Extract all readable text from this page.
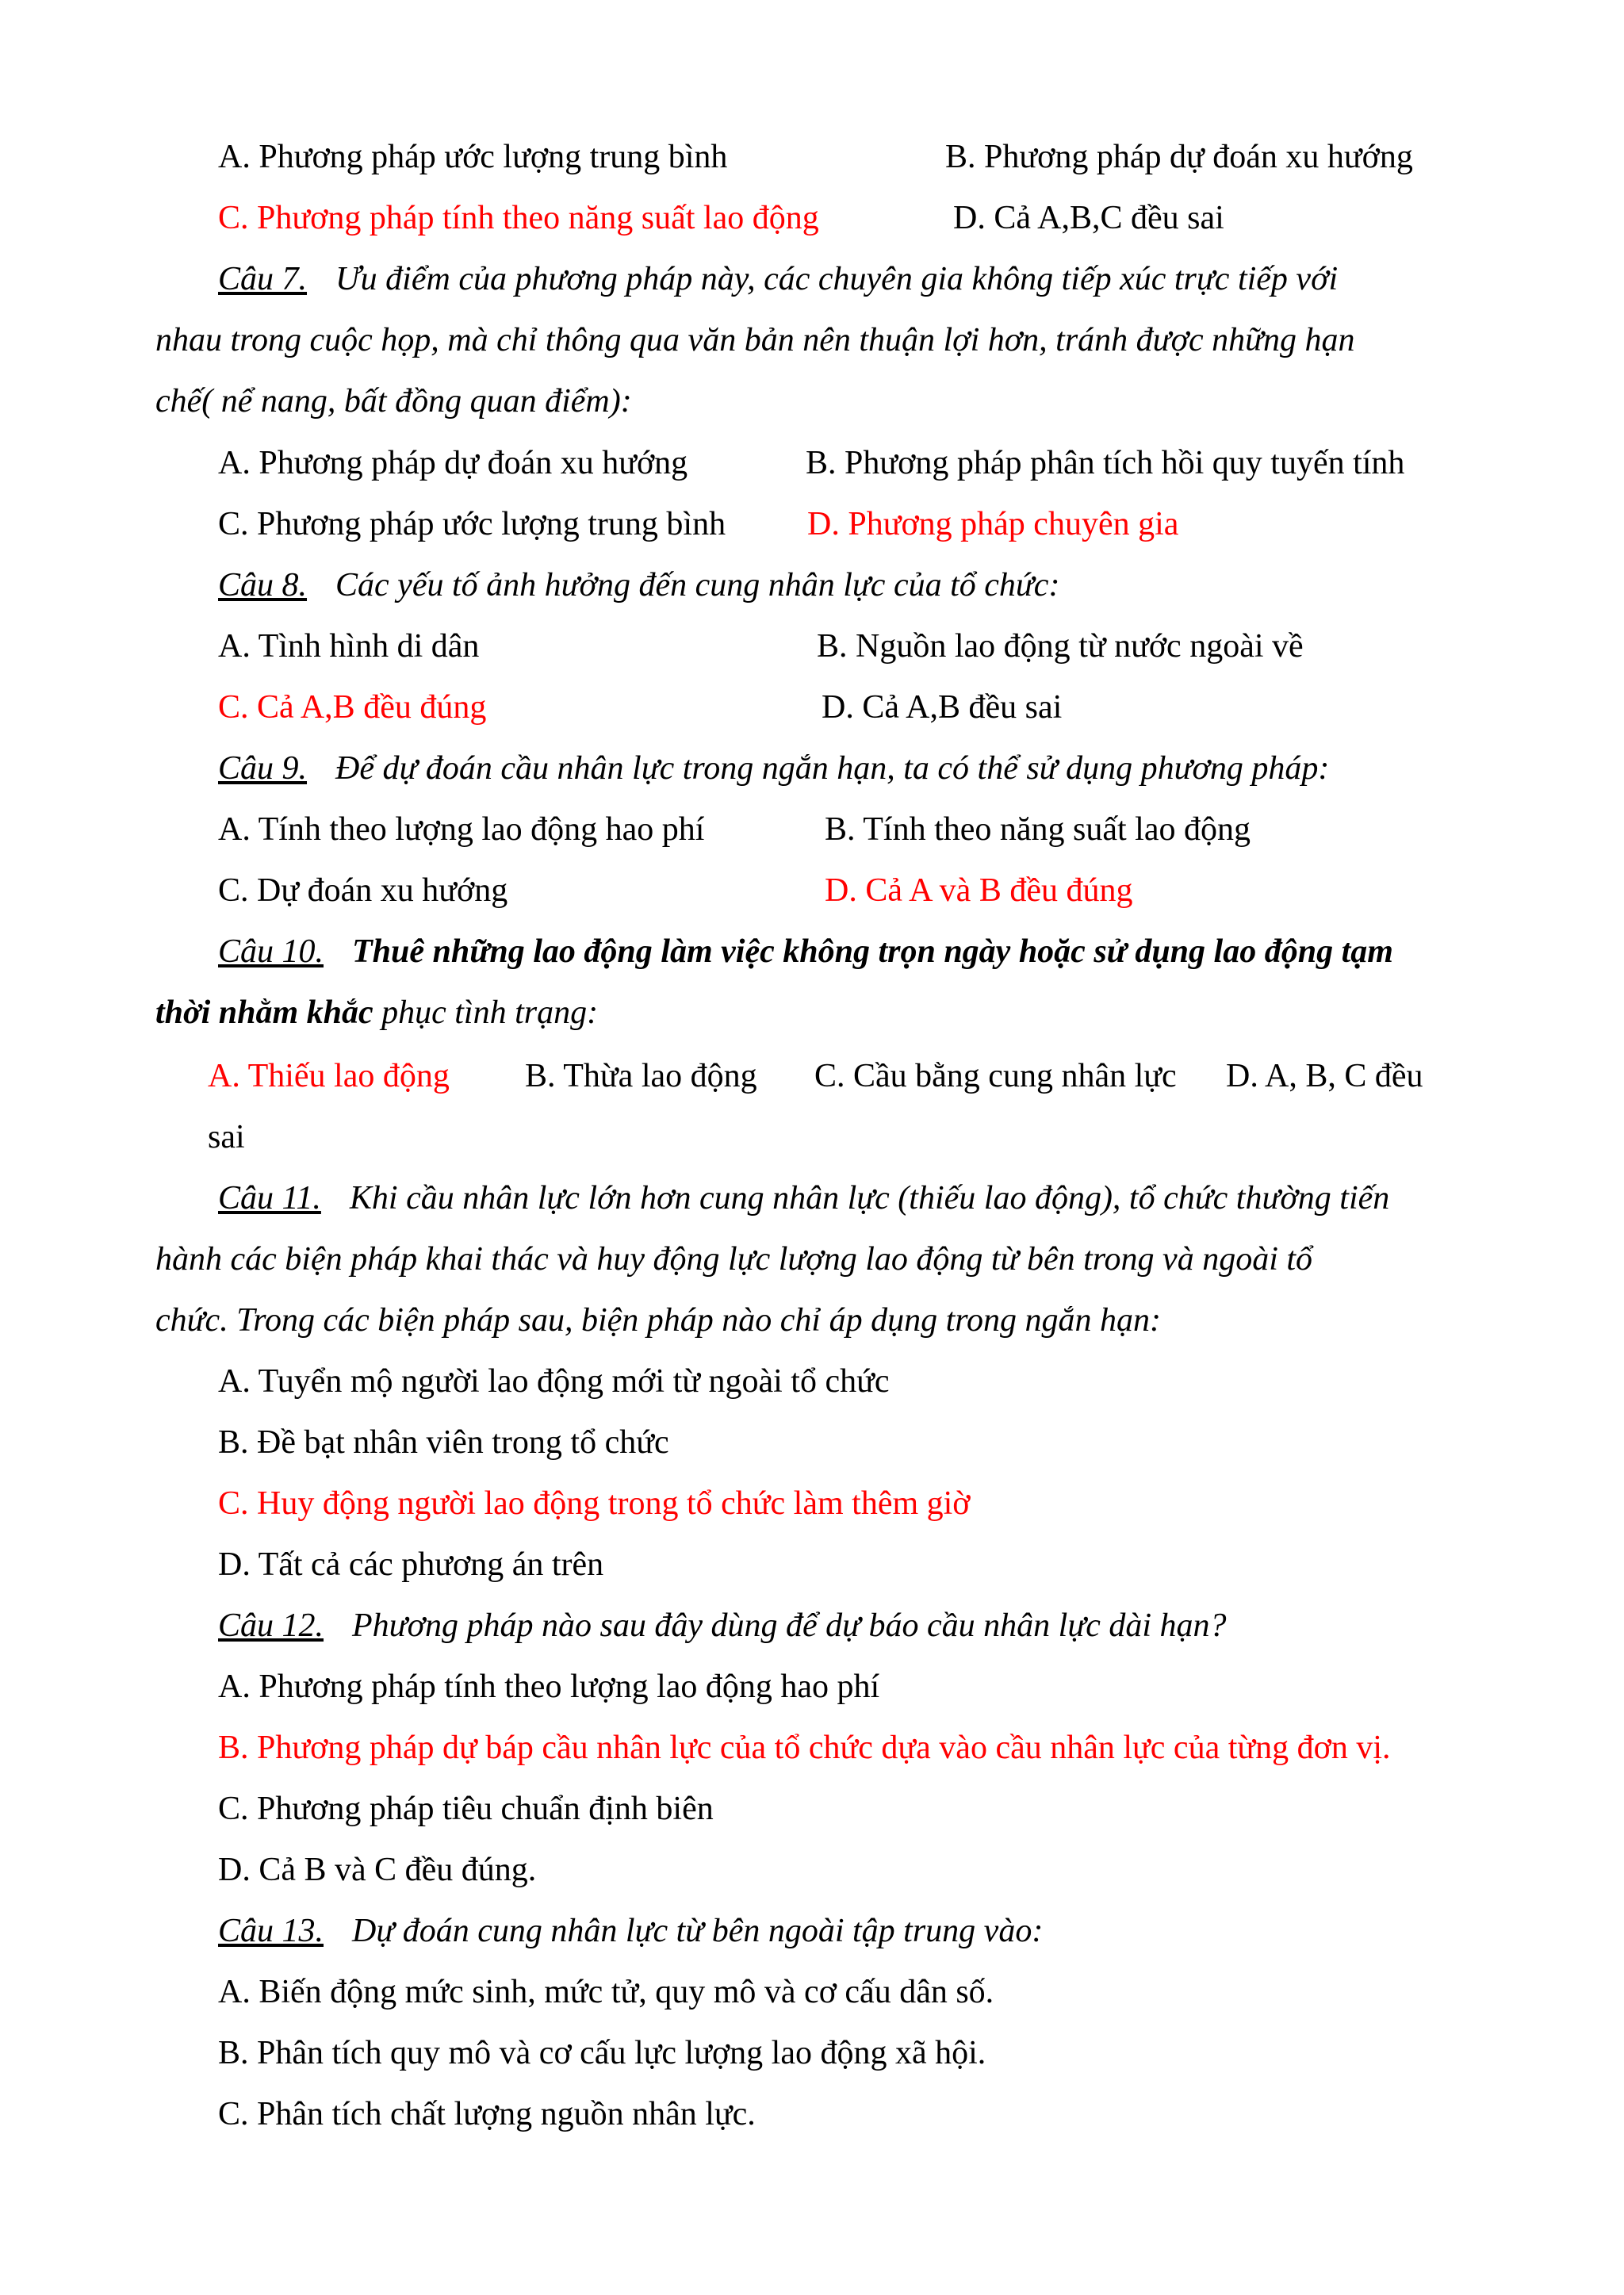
A. Phương pháp ước lượng trung bình	B. Phương pháp dự đoán xu hướng
C. Phương pháp tính theo năng suất lao động	D. Cả A,B,C đều sai
Câu 7. Ưu điểm của phương pháp này, các chuyên gia không tiếp xúc trực tiếp với
nhau trong cuộc họp, mà chỉ thông qua văn bản nên thuận lợi hơn, tránh được những hạn
chế( nể nang, bất đồng quan điểm):
A. Phương pháp dự đoán xu hướng	B. Phương pháp phân tích hồi quy tuyến tính
C. Phương pháp ước lượng trung bình D. Phương pháp chuyên gia
Câu 8. Các yếu tố ảnh hưởng đến cung nhân lực của tổ chức:
A. Tình hình di dân	B. Nguồn lao động từ nước ngoài về
C. Cả A,B đều đúng	D. Cả A,B đều sai
Câu 9. Để dự đoán cầu nhân lực trong ngắn hạn, ta có thể sử dụng phương pháp:
A. Tính theo lượng lao động hao phí	B. Tính theo năng suất lao động
C. Dự đoán xu hướng	D. Cả A và B đều đúng
Câu 10. Thuê những lao động làm việc không trọn ngày hoặc sử dụng lao động tạm
thời nhằm khắc phục tình trạng:
A. Thiếu lao động B. Thừa lao động C. Cầu bằng cung nhân lực D. A, B, C đều
sai
Câu 11. Khi cầu nhân lực lớn hơn cung nhân lực (thiếu lao động), tổ chức thường tiến
hành các biện pháp khai thác và huy động lực lượng lao động từ bên trong và ngoài tổ
chức. Trong các biện pháp sau, biện pháp nào chỉ áp dụng trong ngắn hạn:
A. Tuyển mộ người lao động mới từ ngoài tổ chức
B. Đề bạt nhân viên trong tổ chức
C. Huy động người lao động trong tổ chức làm thêm giờ
D. Tất cả các phương án trên
Câu 12. Phương pháp nào sau đây dùng để dự báo cầu nhân lực dài hạn?
A. Phương pháp tính theo lượng lao động hao phí
B. Phương pháp dự báp cầu nhân lực của tổ chức dựa vào cầu nhân lực của từng đơn vị.
C. Phương pháp tiêu chuẩn định biên
D. Cả B và C đều đúng.
Câu 13. Dự đoán cung nhân lực từ bên ngoài tập trung vào:
A. Biến động mức sinh, mức tử, quy mô và cơ cấu dân số.
B. Phân tích quy mô và cơ cấu lực lượng lao động xã hội.
C. Phân tích chất lượng nguồn nhân lực.
